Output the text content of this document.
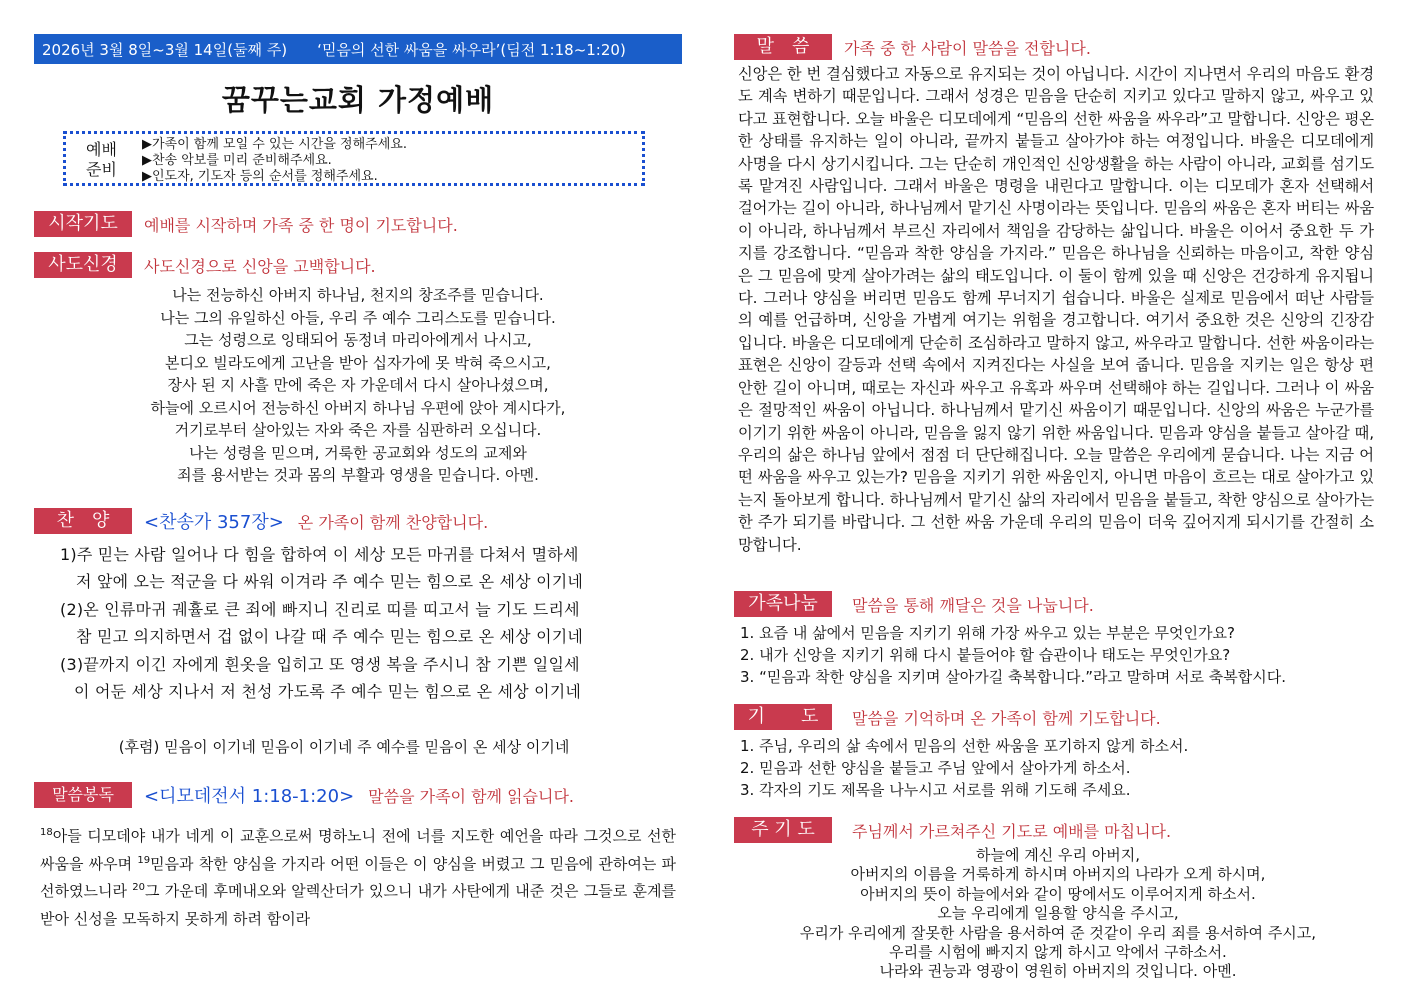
2026년 3월 8일~3월 14일(둘째 주) ‘믿음의 선한 싸움을 싸우라’(딤전 1:18~1:20)
꿈꾸는교회 가정예배
예배
준비
▶가족이 함께 모일 수 있는 시간을 정해주세요.
▶찬송 악보를 미리 준비해주세요.
▶인도자, 기도자 등의 순서를 정해주세요.
시작기도	예배를 시작하며 가족 중 한 명이 기도합니다.
사도신경	사도신경으로 신앙을 고백합니다.
나는 전능하신 아버지 하나님, 천지의 창조주를 믿습니다.
나는 그의 유일하신 아들, 우리 주 예수 그리스도를 믿습니다.
그는 성령으로 잉태되어 동정녀 마리아에게서 나시고,
본디오 빌라도에게 고난을 받아 십자가에 못 박혀 죽으시고,
장사 된 지 사흘 만에 죽은 자 가운데서 다시 살아나셨으며,
하늘에 오르시어 전능하신 아버지 하나님 우편에 앉아 계시다가,
거기로부터 살아있는 자와 죽은 자를 심판하러 오십니다.
나는 성령을 믿으며, 거룩한 공교회와 성도의 교제와
죄를 용서받는 것과 몸의 부활과 영생을 믿습니다. 아멘.
찬　양	<찬송가 357장> 온 가족이 함께 찬양합니다.
1)주 믿는 사람 일어나 다 힘을 합하여 이 세상 모든 마귀를 다쳐서 멸하세
저 앞에 오는 적군을 다 싸워 이겨라 주 예수 믿는 힘으로 온 세상 이기네
(2)온 인류마귀 궤휼로 큰 죄에 빠지니 진리로 띠를 띠고서 늘 기도 드리세
참 믿고 의지하면서 겁 없이 나갈 때 주 예수 믿는 힘으로 온 세상 이기네
(3)끝까지 이긴 자에게 흰옷을 입히고 또 영생 복을 주시니 참 기쁜 일일세
이 어둔 세상 지나서 저 천성 가도록 주 예수 믿는 힘으로 온 세상 이기네
(후렴) 믿음이 이기네 믿음이 이기네 주 예수를 믿음이 온 세상 이기네
말씀봉독	<디모데전서 1:18-1:20> 말씀을 가족이 함께 읽습니다.
$^{18}$아들 디모데야 내가 네게 이 교훈으로써 명하노니 전에 너를 지도한 예언을 따라 그것으로 선한 싸움을 싸우며 $^{19}$믿음과 착한 양심을 가지라 어떤 이들은 이 양심을 버렸고 그 믿음에 관하여는 파선하였느니라 $^{20}$그 가운데 후메내오와 알렉산더가 있으니 내가 사탄에게 내준 것은 그들로 훈계를 받아 신성을 모독하지 못하게 하려 함이라
말　씀	가족 중 한 사람이 말씀을 전합니다.
신앙은 한 번 결심했다고 자동으로 유지되는 것이 아닙니다. 시간이 지나면서 우리의 마음도 환경도 계속 변하기 때문입니다. 그래서 성경은 믿음을 단순히 지키고 있다고 말하지 않고, 싸우고 있다고 표현합니다. 오늘 바울은 디모데에게 “믿음의 선한 싸움을 싸우라”고 말합니다. 신앙은 평온한 상태를 유지하는 일이 아니라, 끝까지 붙들고 살아가야 하는 여정입니다. 바울은 디모데에게 사명을 다시 상기시킵니다. 그는 단순히 개인적인 신앙생활을 하는 사람이 아니라, 교회를 섬기도록 맡겨진 사람입니다. 그래서 바울은 명령을 내린다고 말합니다. 이는 디모데가 혼자 선택해서 걸어가는 길이 아니라, 하나님께서 맡기신 사명이라는 뜻입니다. 믿음의 싸움은 혼자 버티는 싸움이 아니라, 하나님께서 부르신 자리에서 책임을 감당하는 삶입니다. 바울은 이어서 중요한 두 가지를 강조합니다. “믿음과 착한 양심을 가지라.” 믿음은 하나님을 신뢰하는 마음이고, 착한 양심은 그 믿음에 맞게 살아가려는 삶의 태도입니다. 이 둘이 함께 있을 때 신앙은 건강하게 유지됩니다. 그러나 양심을 버리면 믿음도 함께 무너지기 쉽습니다. 바울은 실제로 믿음에서 떠난 사람들의 예를 언급하며, 신앙을 가볍게 여기는 위험을 경고합니다. 여기서 중요한 것은 신앙의 긴장감입니다. 바울은 디모데에게 단순히 조심하라고 말하지 않고, 싸우라고 말합니다. 선한 싸움이라는 표현은 신앙이 갈등과 선택 속에서 지켜진다는 사실을 보여 줍니다. 믿음을 지키는 일은 항상 편안한 길이 아니며, 때로는 자신과 싸우고 유혹과 싸우며 선택해야 하는 길입니다. 그러나 이 싸움은 절망적인 싸움이 아닙니다. 하나님께서 맡기신 싸움이기 때문입니다. 신앙의 싸움은 누군가를 이기기 위한 싸움이 아니라, 믿음을 잃지 않기 위한 싸움입니다. 믿음과 양심을 붙들고 살아갈 때, 우리의 삶은 하나님 앞에서 점점 더 단단해집니다. 오늘 말씀은 우리에게 묻습니다. 나는 지금 어떤 싸움을 싸우고 있는가? 믿음을 지키기 위한 싸움인지, 아니면 마음이 흐르는 대로 살아가고 있는지 돌아보게 합니다. 하나님께서 맡기신 삶의 자리에서 믿음을 붙들고, 착한 양심으로 살아가는 한 주가 되기를 바랍니다. 그 선한 싸움 가운데 우리의 믿음이 더욱 깊어지게 되시기를 간절히 소망합니다.
가족나눔	말씀을 통해 깨달은 것을 나눕니다.
1. 요즘 내 삶에서 믿음을 지키기 위해 가장 싸우고 있는 부분은 무엇인가요?
2. 내가 신앙을 지키기 위해 다시 붙들어야 할 습관이나 태도는 무엇인가요?
3. “믿음과 착한 양심을 지키며 살아가길 축복합니다.”라고 말하며 서로 축복합시다.
기　　도	말씀을 기억하며 온 가족이 함께 기도합니다.
1. 주님, 우리의 삶 속에서 믿음의 선한 싸움을 포기하지 않게 하소서.
2. 믿음과 선한 양심을 붙들고 주님 앞에서 살아가게 하소서.
3. 각자의 기도 제목을 나누시고 서로를 위해 기도해 주세요.
주 기 도	주님께서 가르쳐주신 기도로 예배를 마칩니다.
하늘에 계신 우리 아버지,
아버지의 이름을 거룩하게 하시며 아버지의 나라가 오게 하시며,
아버지의 뜻이 하늘에서와 같이 땅에서도 이루어지게 하소서.
오늘 우리에게 일용할 양식을 주시고,
우리가 우리에게 잘못한 사람을 용서하여 준 것같이 우리 죄를 용서하여 주시고,
우리를 시험에 빠지지 않게 하시고 악에서 구하소서.
나라와 권능과 영광이 영원히 아버지의 것입니다. 아멘.
